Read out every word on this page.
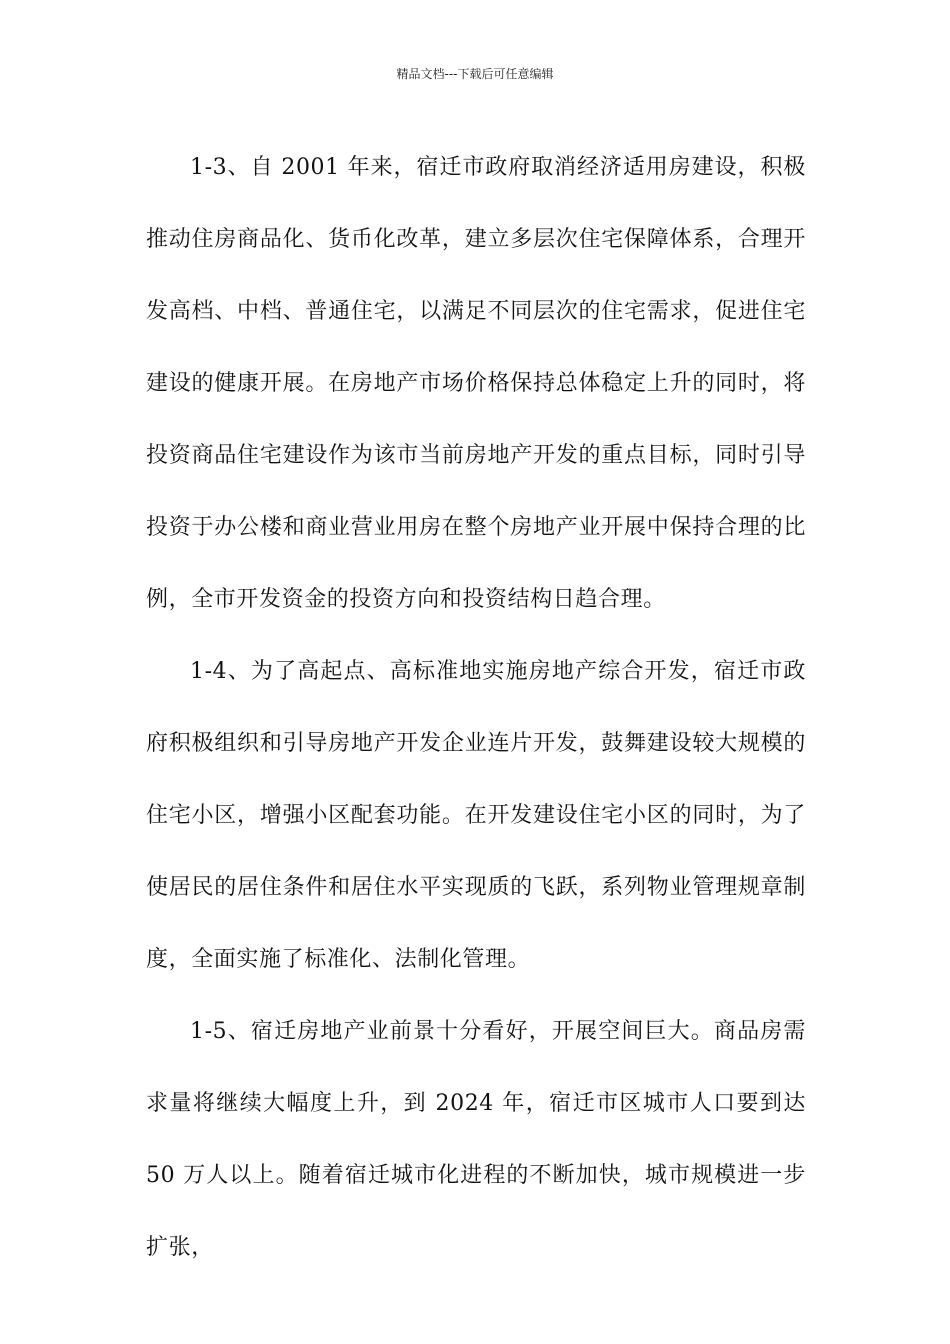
精品文档---下载后可任意编辑

1-3、自 2001 年来，宿迁市政府取消经济适用房建设，积极推动住房商品化、货币化改革，建立多层次住宅保障体系，合理开发高档、中档、普通住宅，以满足不同层次的住宅需求，促进住宅建设的健康开展。在房地产市场价格保持总体稳定上升的同时，将投资商品住宅建设作为该市当前房地产开发的重点目标，同时引导投资于办公楼和商业营业用房在整个房地产业开展中保持合理的比例，全市开发资金的投资方向和投资结构日趋合理。

1-4、为了高起点、高标准地实施房地产综合开发，宿迁市政府积极组织和引导房地产开发企业连片开发，鼓舞建设较大规模的住宅小区，增强小区配套功能。在开发建设住宅小区的同时，为了使居民的居住条件和居住水平实现质的飞跃，系列物业管理规章制度，全面实施了标准化、法制化管理。

1-5、宿迁房地产业前景十分看好，开展空间巨大。商品房需求量将继续大幅度上升，到 2024 年，宿迁市区城市人口要到达 50 万人以上。随着宿迁城市化进程的不断加快，城市规模进一步扩张，
